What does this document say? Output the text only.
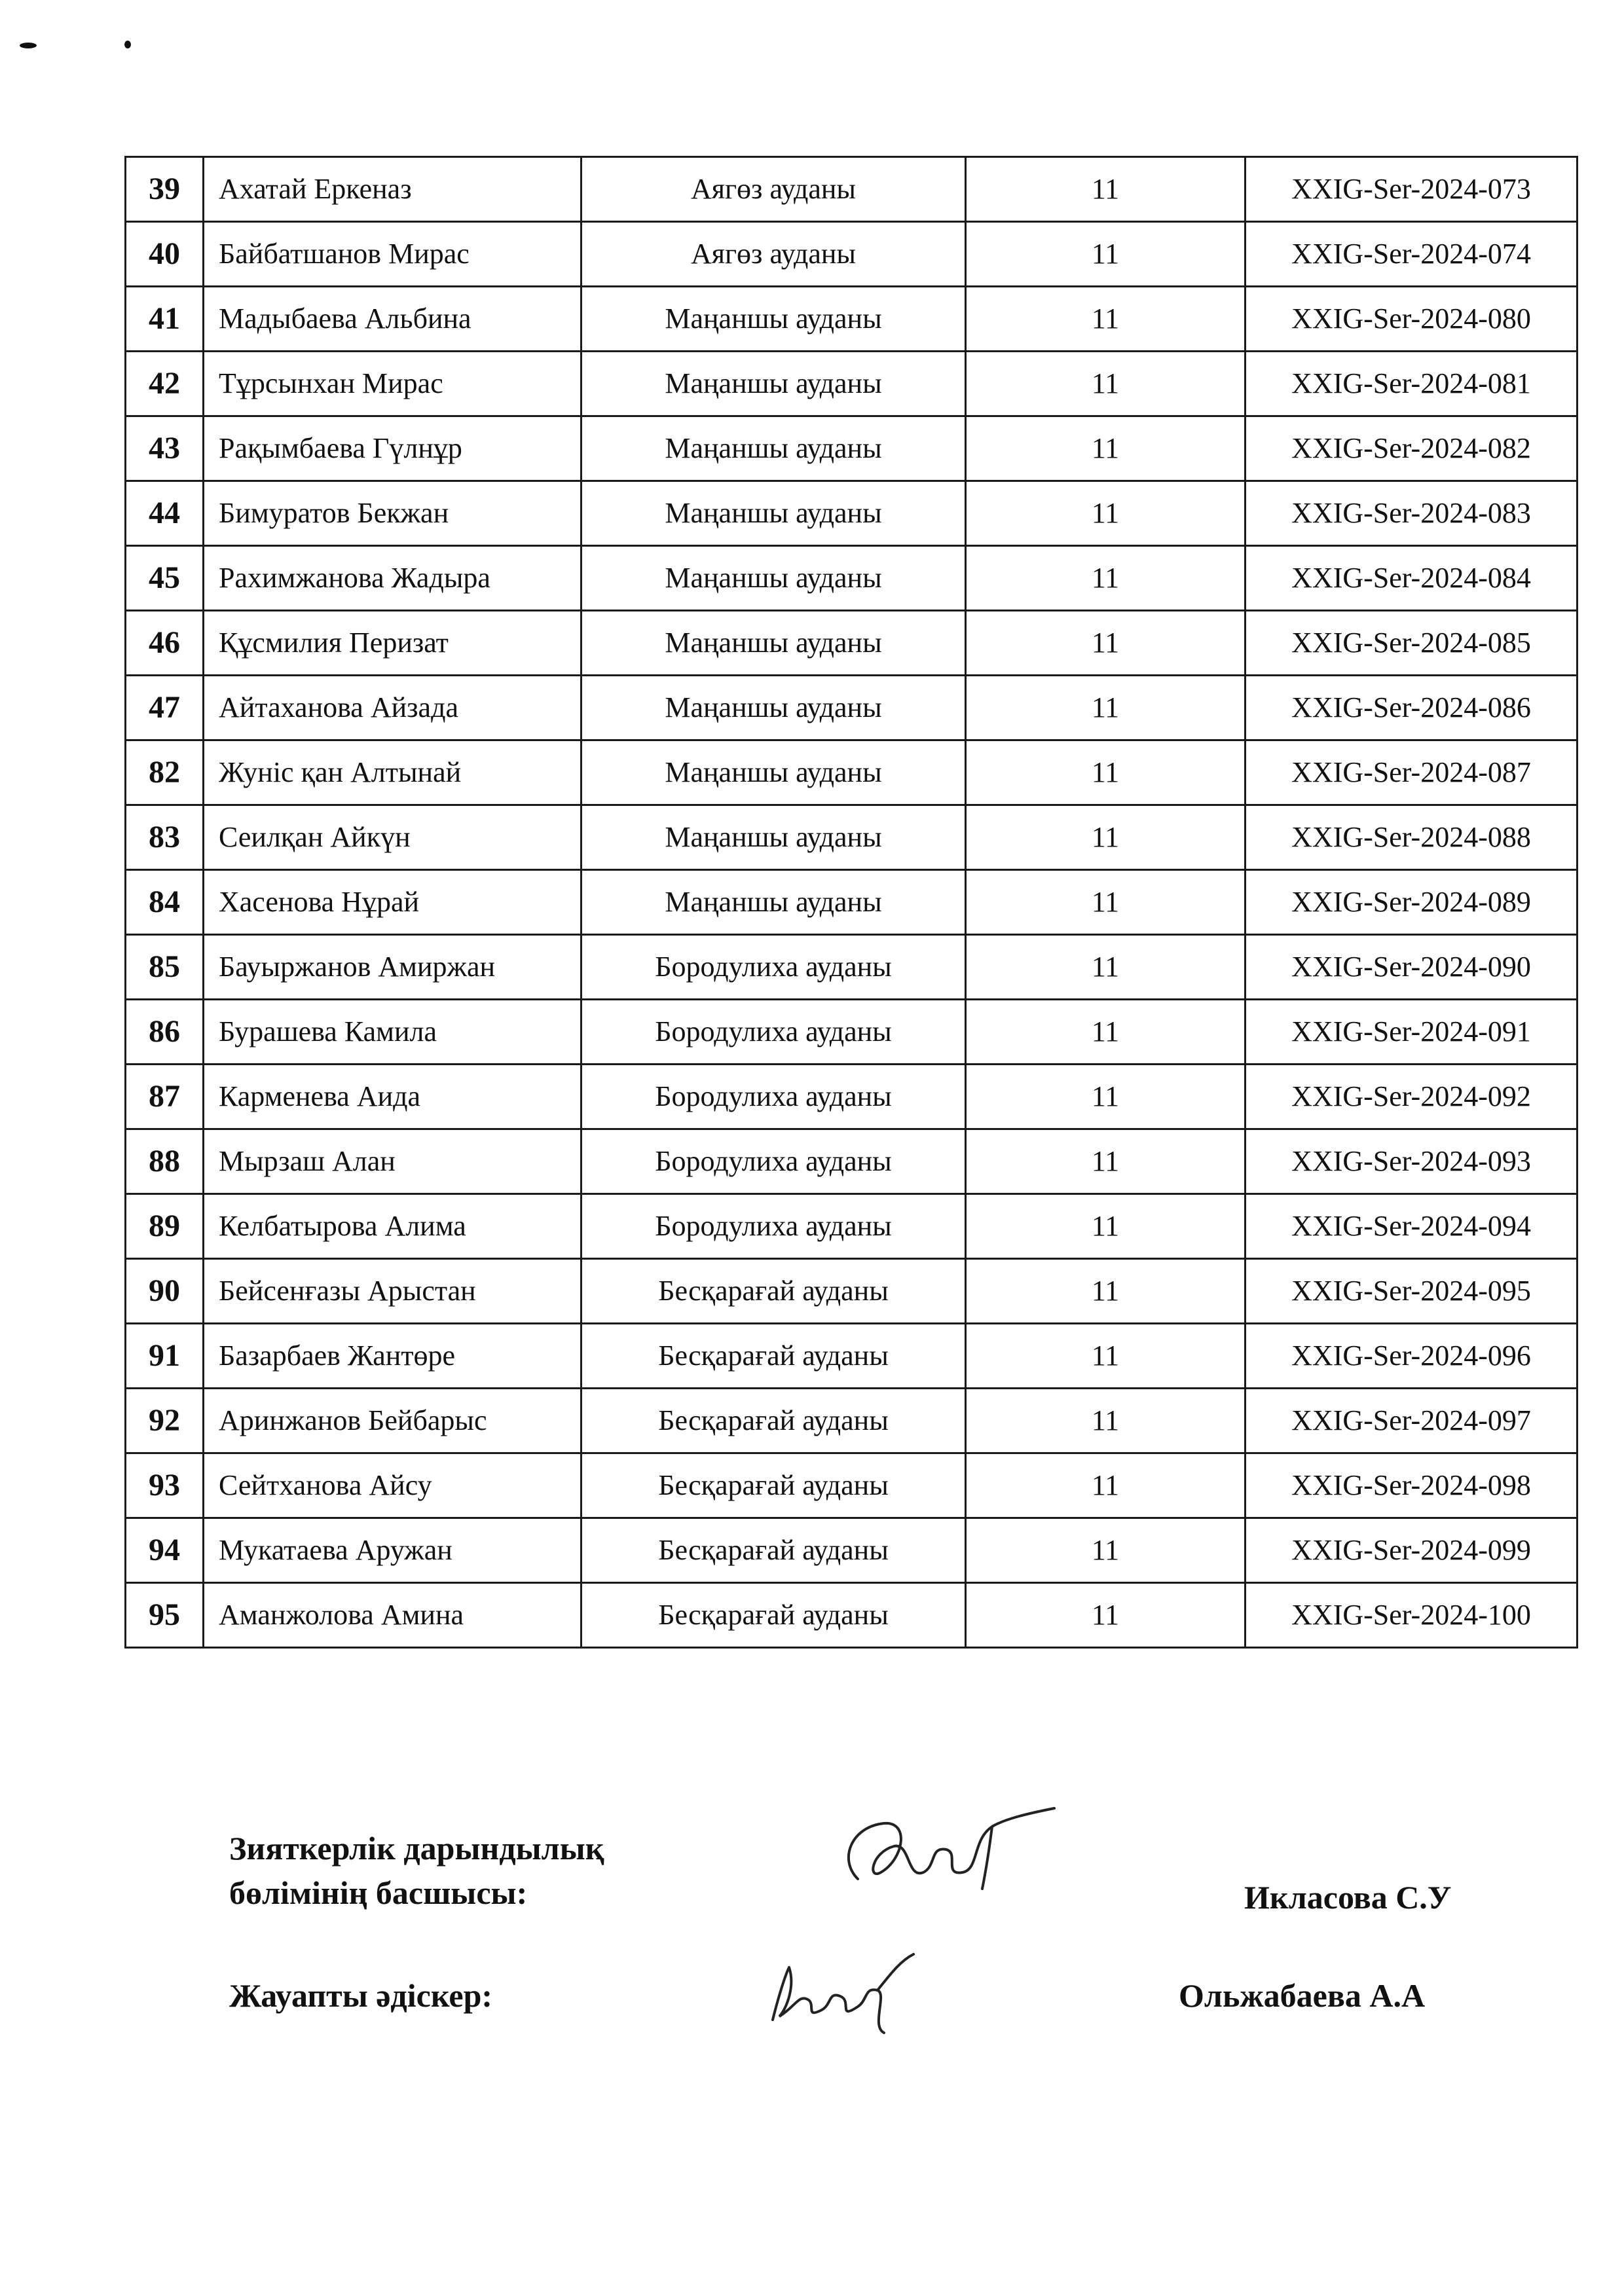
39	Ахатай Еркеназ	Аягөз ауданы	11	XXIG-Ser-2024-073
40	Байбатшанов Мирас	Аягөз ауданы	11	XXIG-Ser-2024-074
41	Мадыбаева Альбина	Маңаншы ауданы	11	XXIG-Ser-2024-080
42	Тұрсынхан Мирас	Маңаншы ауданы	11	XXIG-Ser-2024-081
43	Рақымбаева Гүлнұр	Маңаншы ауданы	11	XXIG-Ser-2024-082
44	Бимуратов Бекжан	Маңаншы ауданы	11	XXIG-Ser-2024-083
45	Рахимжанова Жадыра	Маңаншы ауданы	11	XXIG-Ser-2024-084
46	Құсмилия Перизат	Маңаншы ауданы	11	XXIG-Ser-2024-085
47	Айтаханова Айзада	Маңаншы ауданы	11	XXIG-Ser-2024-086
82	Жуніс қан Алтынай	Маңаншы ауданы	11	XXIG-Ser-2024-087
83	Сеилқан Айкүн	Маңаншы ауданы	11	XXIG-Ser-2024-088
84	Хасенова Нұрай	Маңаншы ауданы	11	XXIG-Ser-2024-089
85	Бауыржанов Амиржан	Бородулиха ауданы	11	XXIG-Ser-2024-090
86	Бурашева Камила	Бородулиха ауданы	11	XXIG-Ser-2024-091
87	Карменева Аида	Бородулиха ауданы	11	XXIG-Ser-2024-092
88	Мырзаш Алан	Бородулиха ауданы	11	XXIG-Ser-2024-093
89	Келбатырова Алима	Бородулиха ауданы	11	XXIG-Ser-2024-094
90	Бейсенғазы Арыстан	Бесқарағай ауданы	11	XXIG-Ser-2024-095
91	Базарбаев Жантөре	Бесқарағай ауданы	11	XXIG-Ser-2024-096
92	Аринжанов Бейбарыс	Бесқарағай ауданы	11	XXIG-Ser-2024-097
93	Сейтханова Айсу	Бесқарағай ауданы	11	XXIG-Ser-2024-098
94	Мукатаева Аружан	Бесқарағай ауданы	11	XXIG-Ser-2024-099
95	Аманжолова Амина	Бесқарағай ауданы	11	XXIG-Ser-2024-100
Зияткерлік дарындылық
бөлімінің басшысы:	Икласова С.У
Жауапты әдіскер:	Ольжабаева А.А
